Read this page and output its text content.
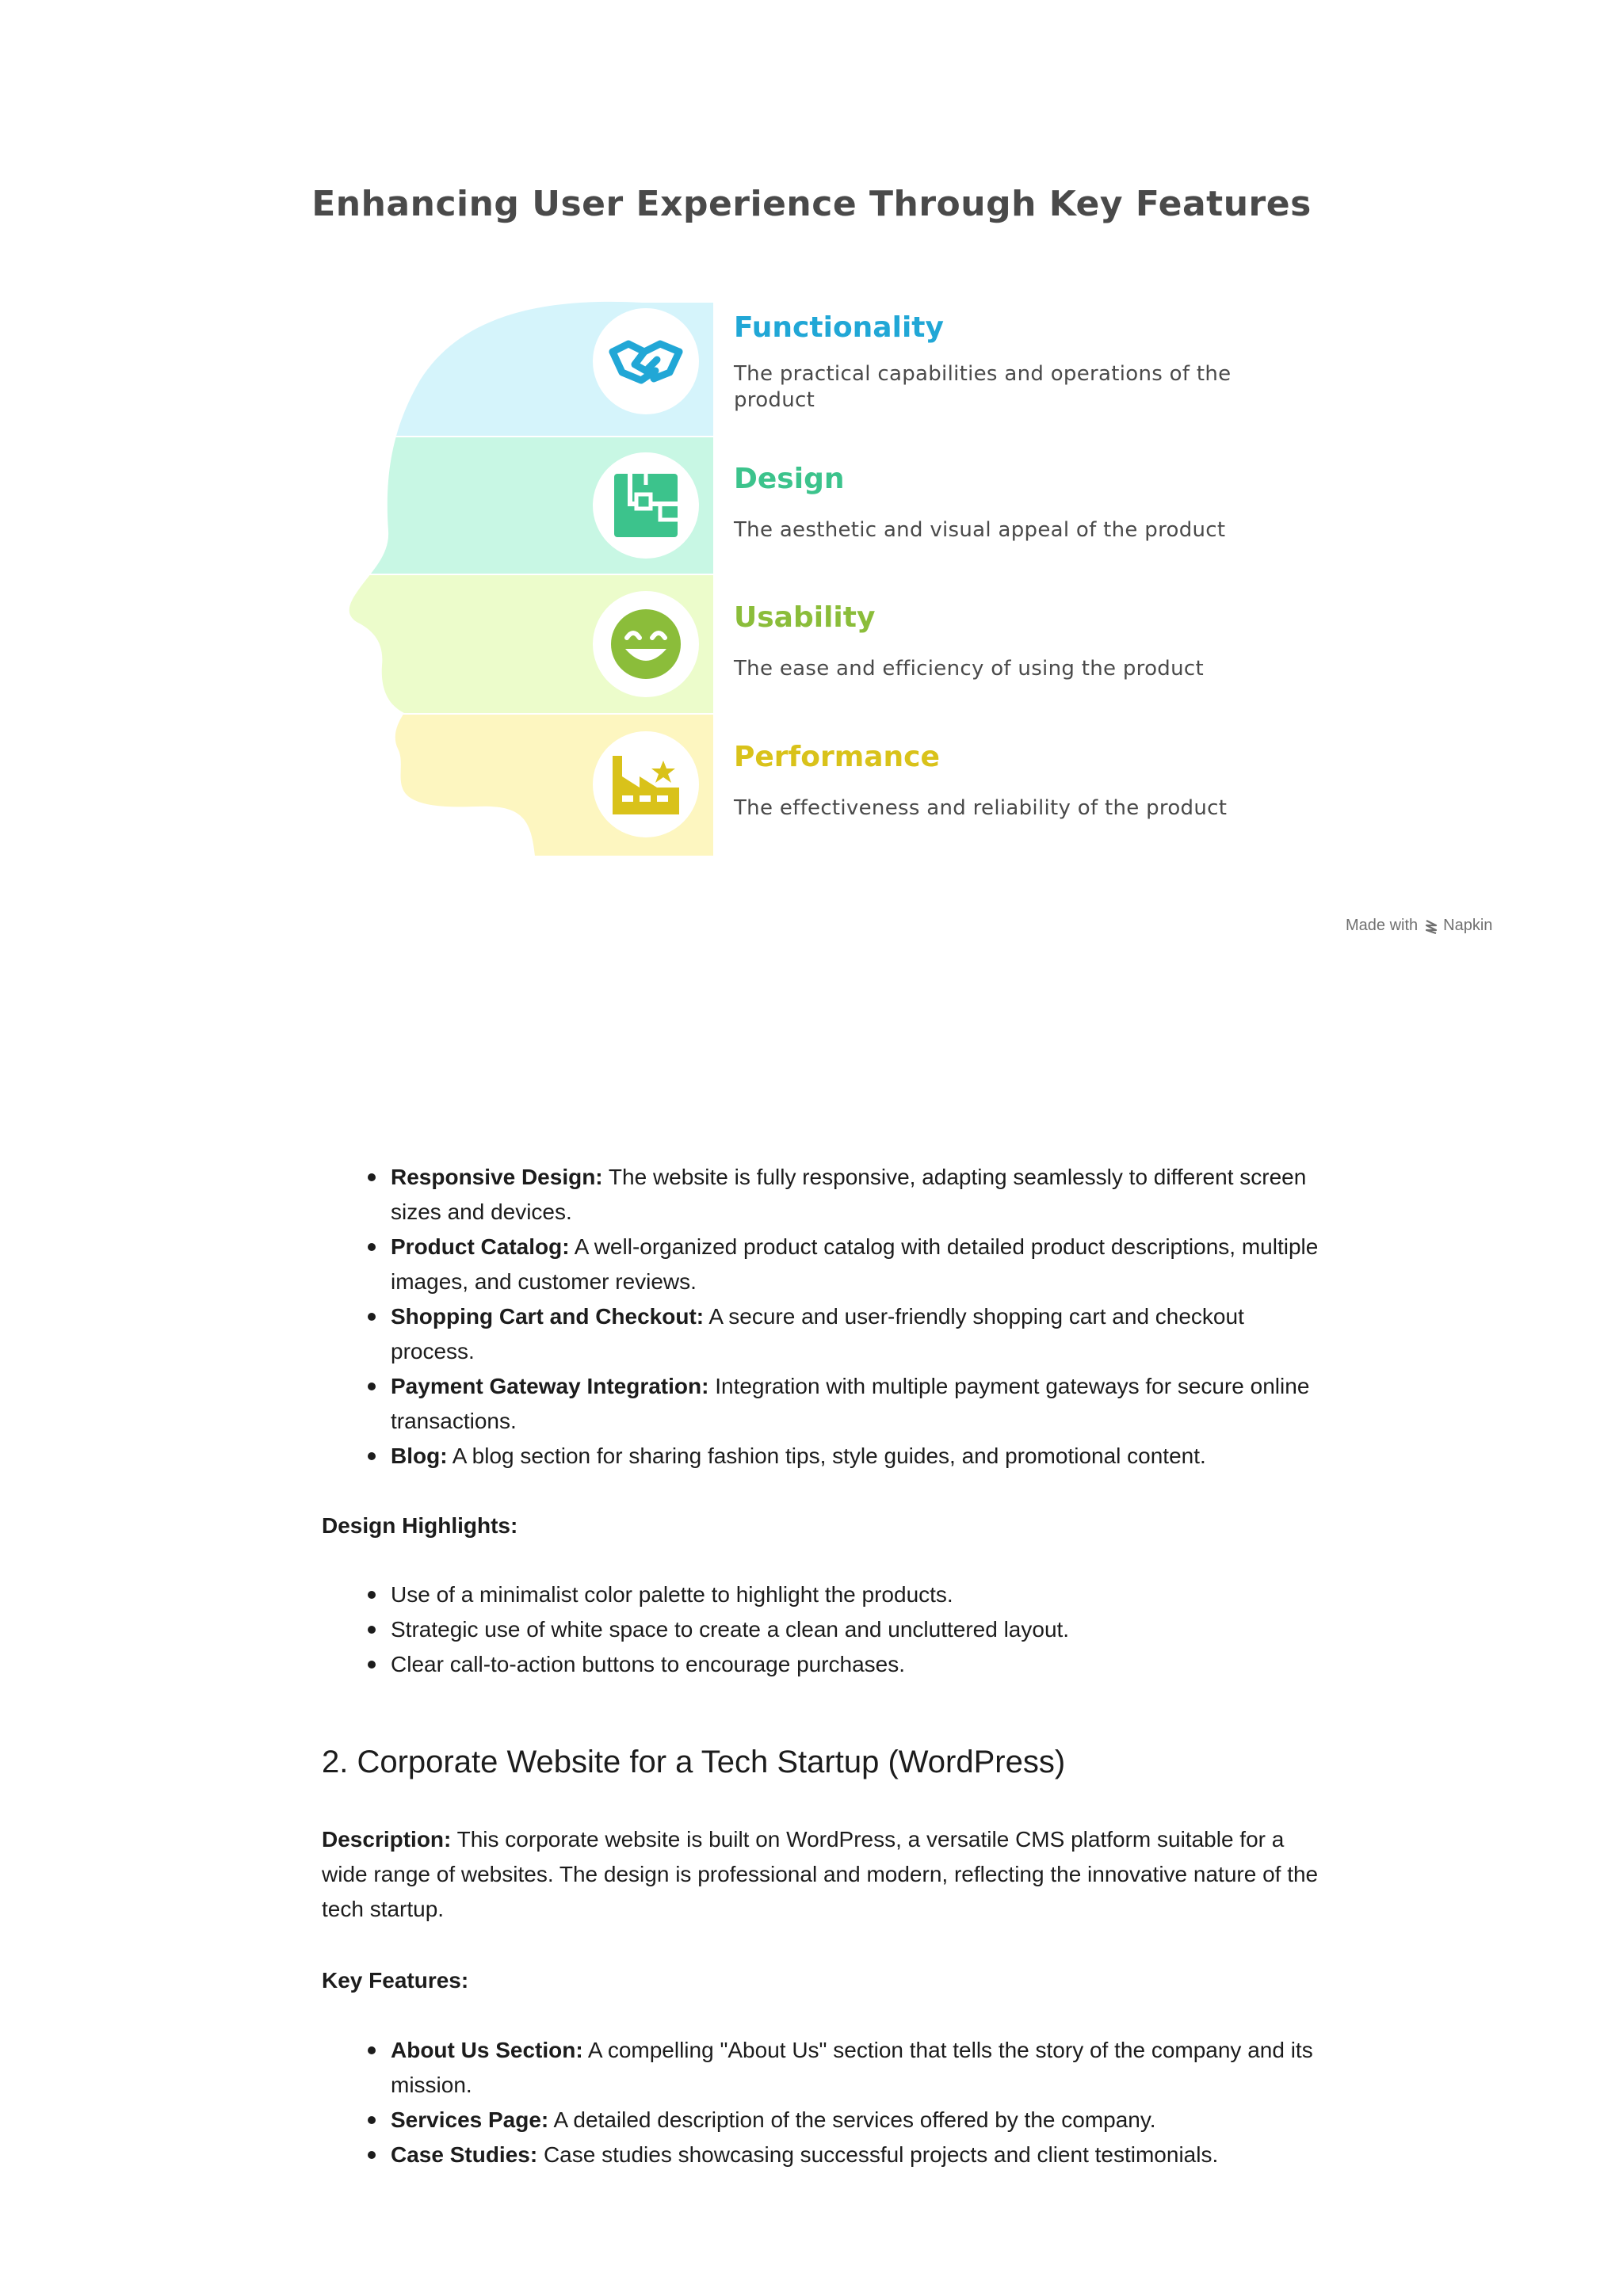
Enhancing User Experience Through Key Features
Functionality
The practical capabilities and operations of the product
Design
The aesthetic and visual appeal of the product
Usability
The ease and efficiency of using the product
Performance
The effectiveness and reliability of the product
Made with Napkin
Responsive Design: The website is fully responsive, adapting seamlessly to different screen sizes and devices.
Product Catalog: A well-organized product catalog with detailed product descriptions, multiple images, and customer reviews.
Shopping Cart and Checkout: A secure and user-friendly shopping cart and checkout process.
Payment Gateway Integration: Integration with multiple payment gateways for secure online transactions.
Blog: A blog section for sharing fashion tips, style guides, and promotional content.
Design Highlights:
Use of a minimalist color palette to highlight the products.
Strategic use of white space to create a clean and uncluttered layout.
Clear call-to-action buttons to encourage purchases.
2. Corporate Website for a Tech Startup (WordPress)
Description: This corporate website is built on WordPress, a versatile CMS platform suitable for a wide range of websites. The design is professional and modern, reflecting the innovative nature of the tech startup.
Key Features:
About Us Section: A compelling "About Us" section that tells the story of the company and its mission.
Services Page: A detailed description of the services offered by the company.
Case Studies: Case studies showcasing successful projects and client testimonials.
